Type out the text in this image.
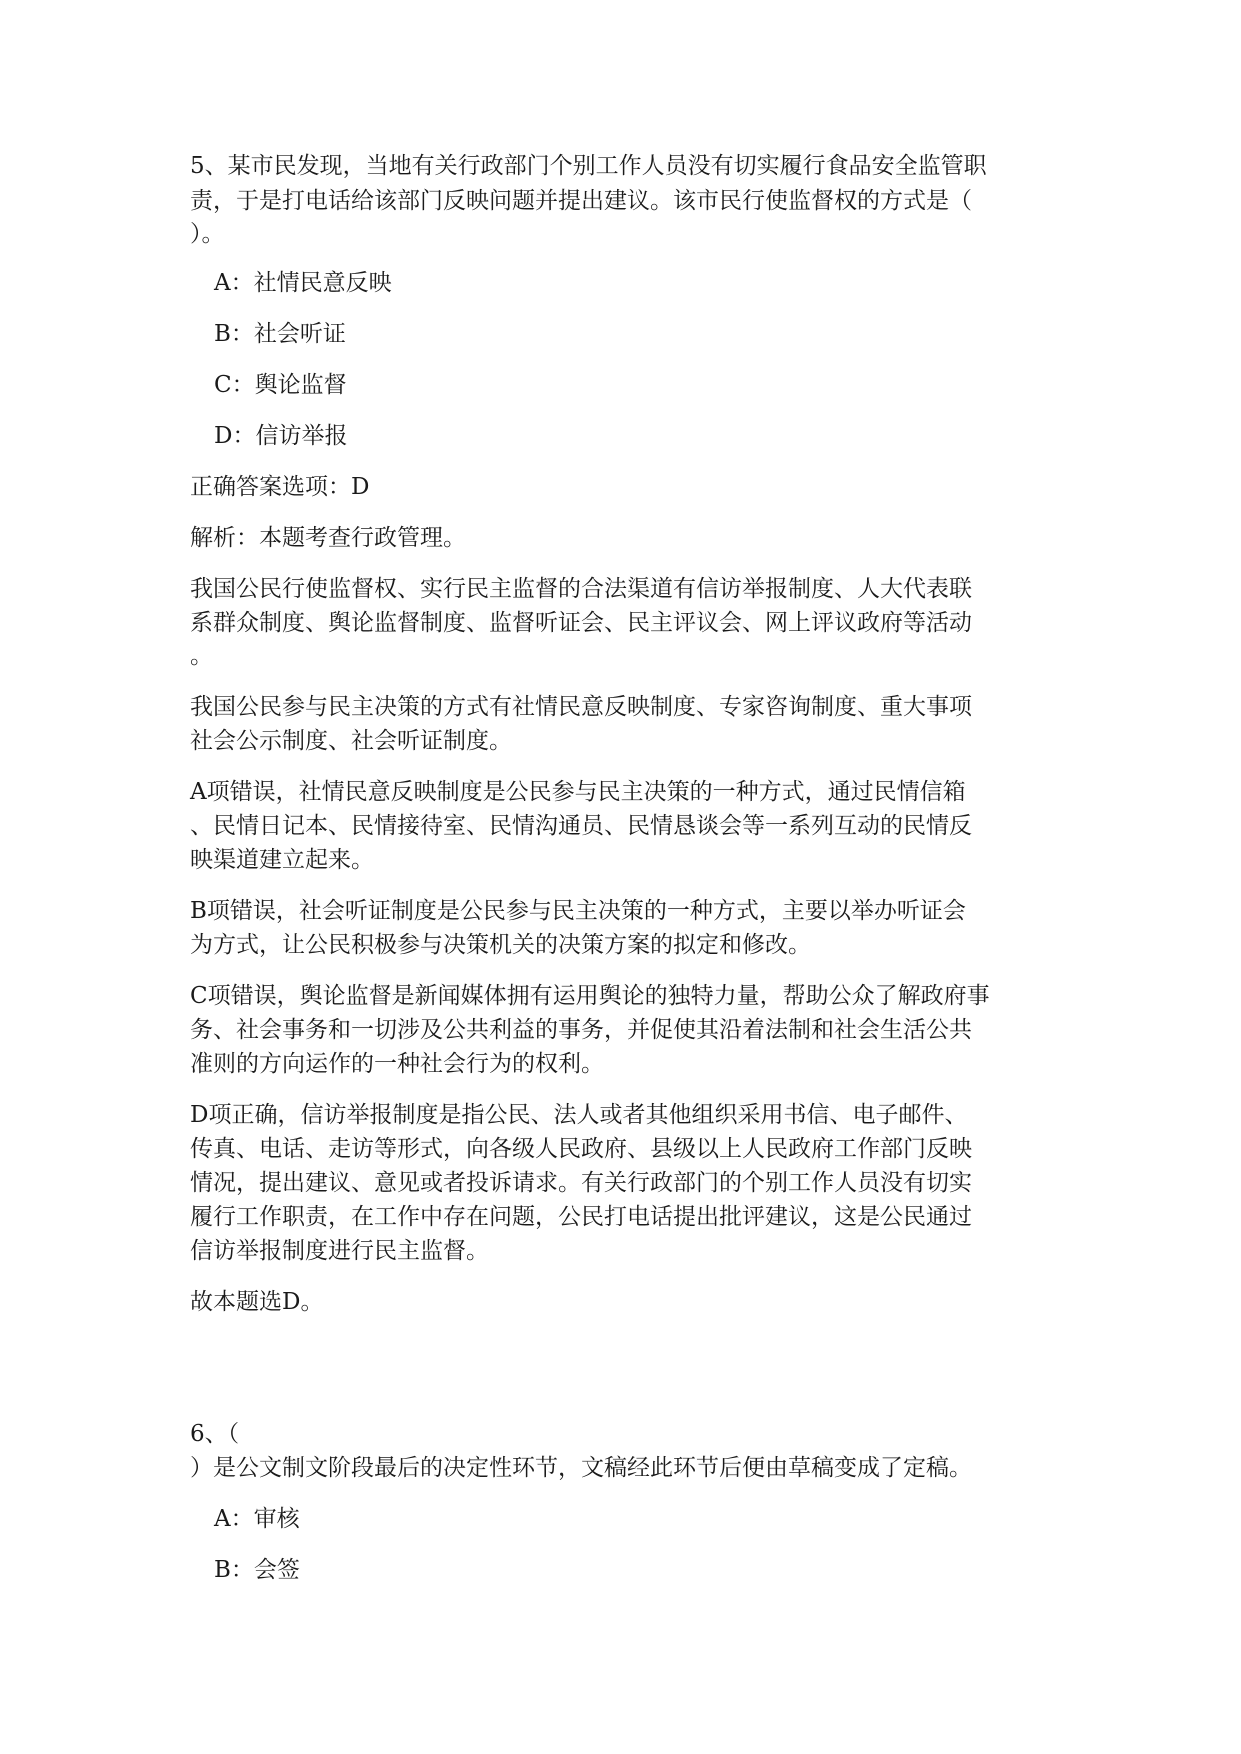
5、某市民发现，当地有关行政部门个别工作人员没有切实履行食品安全监管职
责，于是打电话给该部门反映问题并提出建议。该市民行使监督权的方式是（
）。
A：社情民意反映
B：社会听证
C：舆论监督
D：信访举报
正确答案选项：D
解析：本题考查行政管理。
我国公民行使监督权、实行民主监督的合法渠道有信访举报制度、人大代表联
系群众制度、舆论监督制度、监督听证会、民主评议会、网上评议政府等活动
。
我国公民参与民主决策的方式有社情民意反映制度、专家咨询制度、重大事项
社会公示制度、社会听证制度。
A项错误，社情民意反映制度是公民参与民主决策的一种方式，通过民情信箱
、民情日记本、民情接待室、民情沟通员、民情恳谈会等一系列互动的民情反
映渠道建立起来。
B项错误，社会听证制度是公民参与民主决策的一种方式，主要以举办听证会
为方式，让公民积极参与决策机关的决策方案的拟定和修改。
C项错误，舆论监督是新闻媒体拥有运用舆论的独特力量，帮助公众了解政府事
务、社会事务和一切涉及公共利益的事务，并促使其沿着法制和社会生活公共
准则的方向运作的一种社会行为的权利。
D项正确，信访举报制度是指公民、法人或者其他组织采用书信、电子邮件、
传真、电话、走访等形式，向各级人民政府、县级以上人民政府工作部门反映
情况，提出建议、意见或者投诉请求。有关行政部门的个别工作人员没有切实
履行工作职责，在工作中存在问题，公民打电话提出批评建议，这是公民通过
信访举报制度进行民主监督。
故本题选D。
6、（
）是公文制文阶段最后的决定性环节，文稿经此环节后便由草稿变成了定稿。
A：审核
B：会签
